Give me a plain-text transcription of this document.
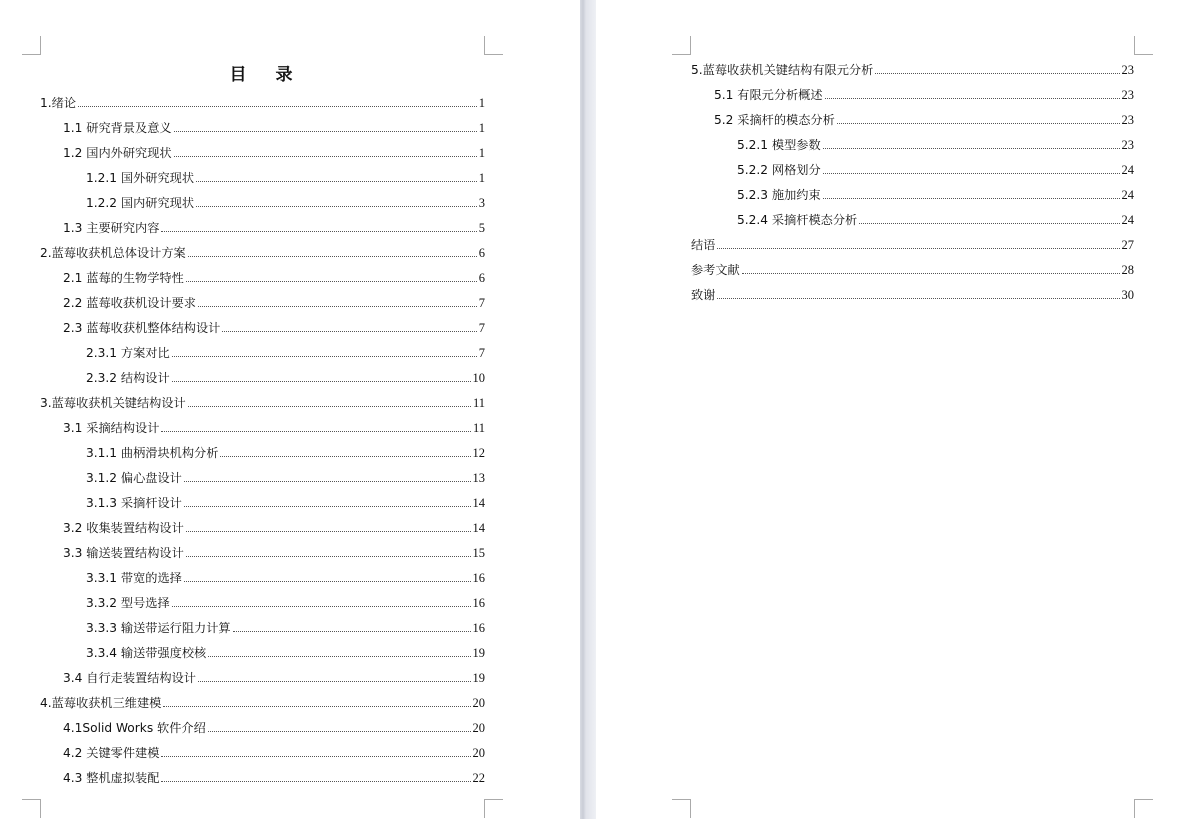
目　录
1.绪论	1
1.1 研究背景及意义	1
1.2 国内外研究现状	1
1.2.1 国外研究现状	1
1.2.2 国内研究现状	3
1.3 主要研究内容	5
2.蓝莓收获机总体设计方案	6
2.1 蓝莓的生物学特性	6
2.2 蓝莓收获机设计要求	7
2.3 蓝莓收获机整体结构设计	7
2.3.1 方案对比	7
2.3.2 结构设计	10
3.蓝莓收获机关键结构设计	11
3.1 采摘结构设计	11
3.1.1 曲柄滑块机构分析	12
3.1.2 偏心盘设计	13
3.1.3 采摘杆设计	14
3.2 收集装置结构设计	14
3.3 输送装置结构设计	15
3.3.1 带宽的选择	16
3.3.2 型号选择	16
3.3.3 输送带运行阻力计算	16
3.3.4 输送带强度校核	19
3.4 自行走装置结构设计	19
4.蓝莓收获机三维建模	20
4.1Solid Works 软件介绍	20
4.2 关键零件建模	20
4.3 整机虚拟装配	22
5.蓝莓收获机关键结构有限元分析	23
5.1 有限元分析概述	23
5.2 采摘杆的模态分析	23
5.2.1 模型参数	23
5.2.2 网格划分	24
5.2.3 施加约束	24
5.2.4 采摘杆模态分析	24
结语	27
参考文献	28
致谢	30
